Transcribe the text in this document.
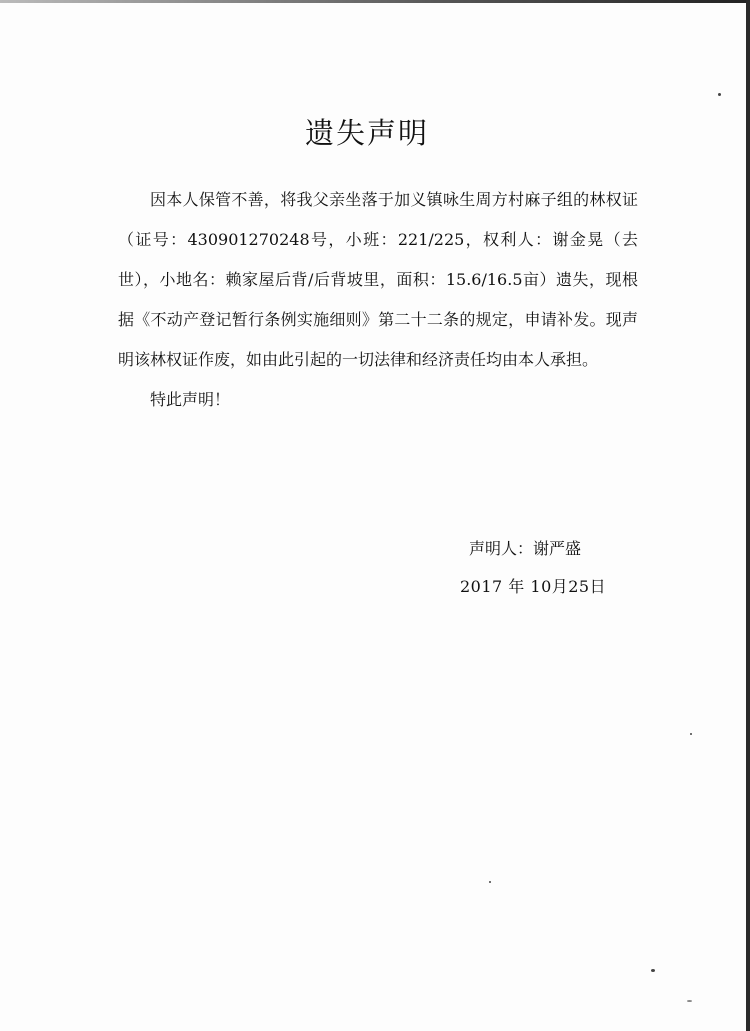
遗失声明

因本人保管不善，将我父亲坐落于加义镇咏生周方村麻子组的林权证（证号：430901270248号，小班：221/225，权利人：谢金晃（去世），小地名：赖家屋后背/后背坡里，面积：15.6/16.5亩）遗失，现根据《不动产登记暂行条例实施细则》第二十二条的规定，申请补发。现声明该林权证作废，如由此引起的一切法律和经济责任均由本人承担。

特此声明！

声明人：谢严盛
2017 年 10月25日
